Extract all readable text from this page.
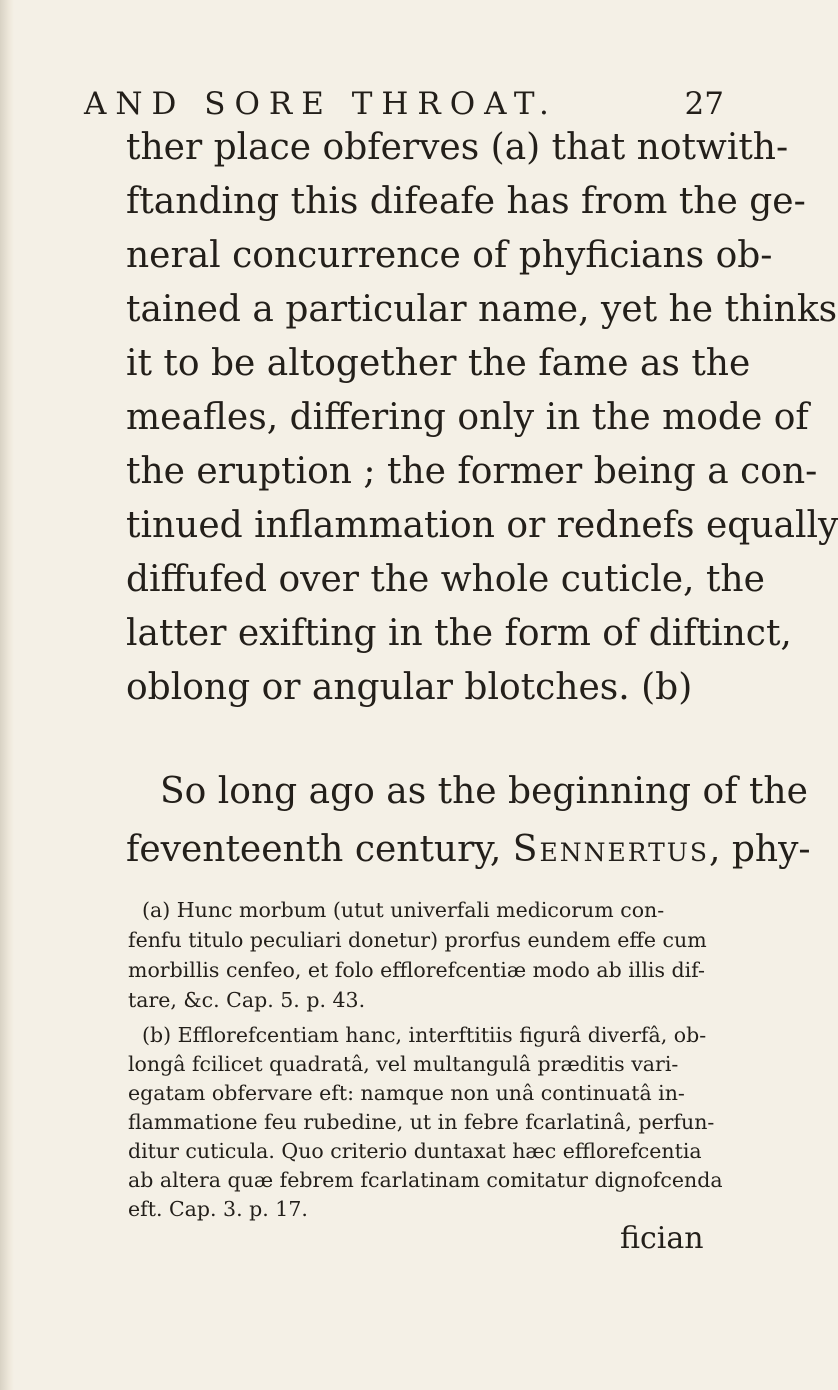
AND SORE THROAT.	27
ther place obferves (a) that notwith-
ftanding this difeafe has from the ge-
neral concurrence of phyficians ob-
tained a particular name, yet he thinks
it to be altogether the fame as the
meafles, differing only in the mode of
the eruption ; the former being a con-
tinued inflammation or rednefs equally
diffufed over the whole cuticle, the
latter exifting in the form of diftinct,
oblong or angular blotches. (b)
So long ago as the beginning of the
feventeenth century, Sennertus, phy-
(a) Hunc morbum (utut univerfali medicorum con-
fenfu titulo peculiari donetur) prorfus eundem effe cum
morbillis cenfeo, et folo efflorefcentiæ modo ab illis dif-
tare, &c. Cap. 5. p. 43.
(b) Efflorefcentiam hanc, interftitiis figurâ diverfâ, ob-
longâ fcilicet quadratâ, vel multangulâ præditis vari-
egatam obfervare eft: namque non unâ continuatâ in-
flammatione feu rubedine, ut in febre fcarlatinâ, perfun-
ditur cuticula. Quo criterio duntaxat hæc efflorefcentia
ab altera quæ febrem fcarlatinam comitatur dignofcenda
eft. Cap. 3. p. 17.
fician
